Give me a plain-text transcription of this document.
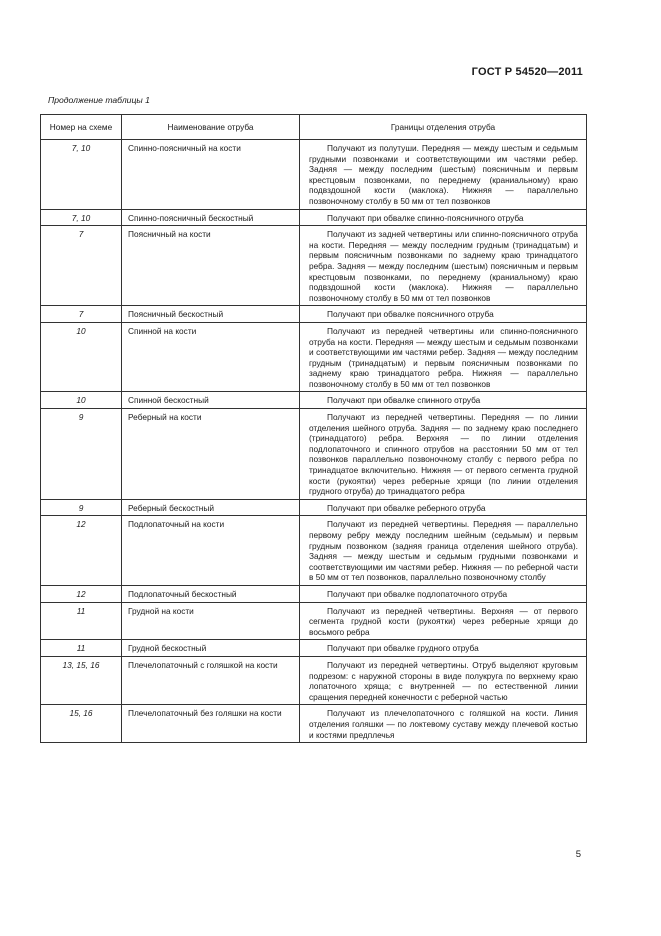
ГОСТ Р 54520—2011
Продолжение таблицы 1
Номер на схеме	Наименование отруба	Границы отделения отруба
7, 10	Спинно-поясничный на кости	Получают из полутуши. Передняя — между шестым и седьмым грудными позвонками и соответствующими им частями ребер. Задняя — между последним (шестым) поясничным и первым крестцовым позвонками, по переднему (краниальному) краю подвздошной кости (маклока). Нижняя — параллельно позвоночному столбу в 50 мм от тел позвонков
7, 10	Спинно-поясничный бескостный	Получают при обвалке спинно-поясничного отруба
7	Поясничный на кости	Получают из задней четвертины или спинно-поясничного отруба на кости. Передняя — между последним грудным (тринадцатым) и первым поясничным позвонками по заднему краю тринадцатого ребра. Задняя — между последним (шестым) поясничным и первым крестцовым позвонками, по переднему (краниальному) краю подвздошной кости (маклока). Нижняя — параллельно позвоночному столбу в 50 мм от тел позвонков
7	Поясничный бескостный	Получают при обвалке поясничного отруба
10	Спинной на кости	Получают из передней четвертины или спинно-поясничного отруба на кости. Передняя — между шестым и седьмым позвонками и соответствующими им частями ребер. Задняя — между последним грудным (тринадцатым) и первым поясничным позвонками по заднему краю тринадцатого ребра. Нижняя — параллельно позвоночному столбу в 50 мм от тел позвонков
10	Спинной бескостный	Получают при обвалке спинного отруба
9	Реберный на кости	Получают из передней четвертины. Передняя — по линии отделения шейного отруба. Задняя — по заднему краю последнего (тринадцатого) ребра. Верхняя — по линии отделения подлопаточного и спинного отрубов на расстоянии 50 мм от тел позвонков параллельно позвоночному столбу с первого ребра по тринадцатое включительно. Нижняя — от первого сегмента грудной кости (рукоятки) через реберные хрящи (по линии отделения грудного отруба) до тринадцатого ребра
9	Реберный бескостный	Получают при обвалке реберного отруба
12	Подлопаточный на кости	Получают из передней четвертины. Передняя — параллельно первому ребру между последним шейным (седьмым) и первым грудным позвонком (задняя граница отделения шейного отруба). Задняя — между шестым и седьмым грудными позвонками и соответствующими им частями ребер. Нижняя — по реберной части в 50 мм от тел позвонков, параллельно позвоночному столбу
12	Подлопаточный бескостный	Получают при обвалке подлопаточного отруба
11	Грудной на кости	Получают из передней четвертины. Верхняя — от первого сегмента грудной кости (рукоятки) через реберные хрящи до восьмого ребра
11	Грудной бескостный	Получают при обвалке грудного отруба
13, 15, 16	Плечелопаточный с голяшкой на кости	Получают из передней четвертины. Отруб выделяют круговым подрезом: с наружной стороны в виде полукруга по верхнему краю лопаточного хряща; с внутренней — по естественной линии сращения передней конечности с реберной частью
15, 16	Плечелопаточный без голяшки на кости	Получают из плечелопаточного с голяшкой на кости. Линия отделения голяшки — по локтевому суставу между плечевой костью и костями предплечья
5
